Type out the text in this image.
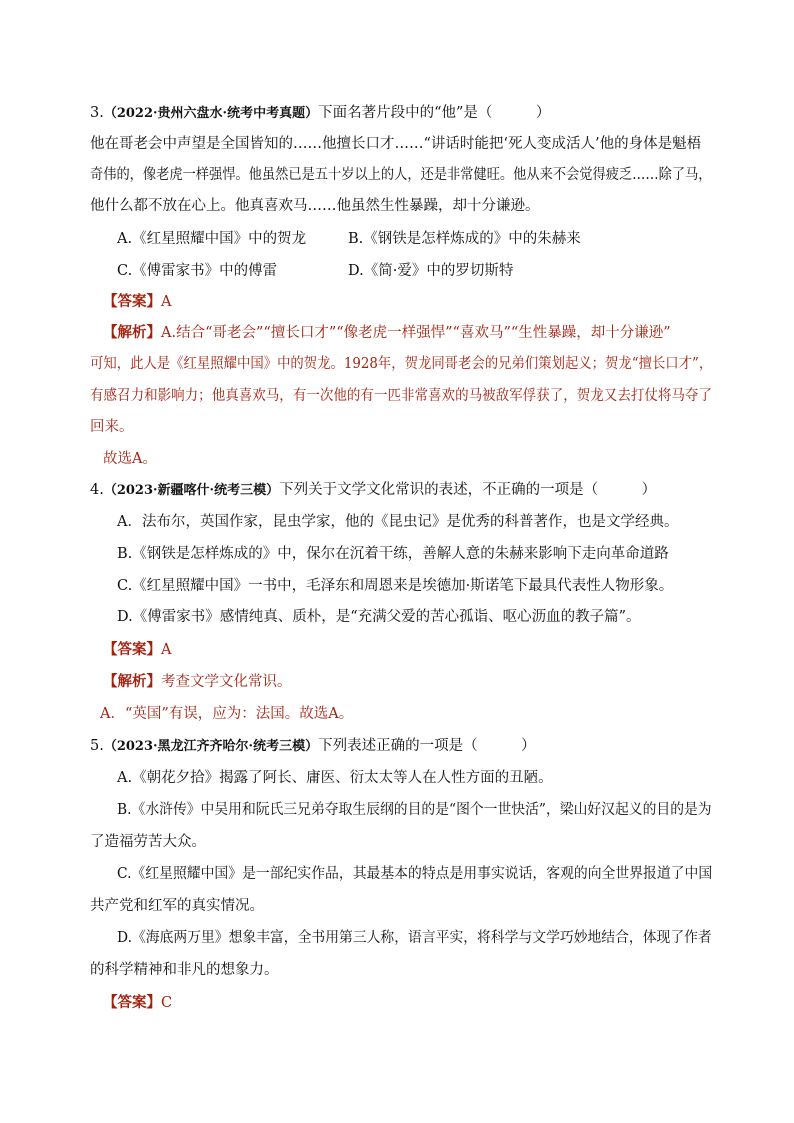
3.（2022·贵州六盘水·统考中考真题）下面名著片段中的“他”是（　　　）
他在哥老会中声望是全国皆知的……他擅长口才……“讲话时能把‘死人变成活人’他的身体是魁梧
奇伟的，像老虎一样强悍。他虽然已是五十岁以上的人，还是非常健旺。他从来不会觉得疲乏……除了马，
他什么都不放在心上。他真喜欢马……他虽然生性暴躁，却十分谦逊。
A.《红星照耀中国》中的贺龙	B.《钢铁是怎样炼成的》中的朱赫来
C.《傅雷家书》中的傅雷	D.《简·爱》中的罗切斯特
【答案】A
【解析】A.结合“哥老会”“擅长口才”“像老虎一样强悍”“喜欢马”“生性暴躁，却十分谦逊”
可知，此人是《红星照耀中国》中的贺龙。1928年，贺龙同哥老会的兄弟们策划起义；贺龙“擅长口才”，
有感召力和影响力；他真喜欢马，有一次他的有一匹非常喜欢的马被敌军俘获了，贺龙又去打仗将马夺了
回来。
故选A。
4.（2023·新疆喀什·统考三模）下列关于文学文化常识的表述，不正确的一项是（　　　）
A．法布尔，英国作家，昆虫学家，他的《昆虫记》是优秀的科普著作，也是文学经典。
B.《钢铁是怎样炼成的》中，保尔在沉着干练，善解人意的朱赫来影响下走向革命道路
C.《红星照耀中国》一书中，毛泽东和周恩来是埃德加·斯诺笔下最具代表性人物形象。
D.《傅雷家书》感情纯真、质朴，是“充满父爱的苦心孤诣、呕心沥血的教子篇”。
【答案】A
【解析】考查文学文化常识。
A．“英国”有误，应为：法国。故选A。
5.（2023·黑龙江齐齐哈尔·统考三模）下列表述正确的一项是（　　　）
A.《朝花夕拾》揭露了阿长、庸医、衍太太等人在人性方面的丑陋。
B.《水浒传》中吴用和阮氏三兄弟夺取生辰纲的目的是“图个一世快活”，梁山好汉起义的目的是为
了造福劳苦大众。
C.《红星照耀中国》是一部纪实作品，其最基本的特点是用事实说话，客观的向全世界报道了中国
共产党和红军的真实情况。
D.《海底两万里》想象丰富，全书用第三人称，语言平实，将科学与文学巧妙地结合，体现了作者
的科学精神和非凡的想象力。
【答案】C
